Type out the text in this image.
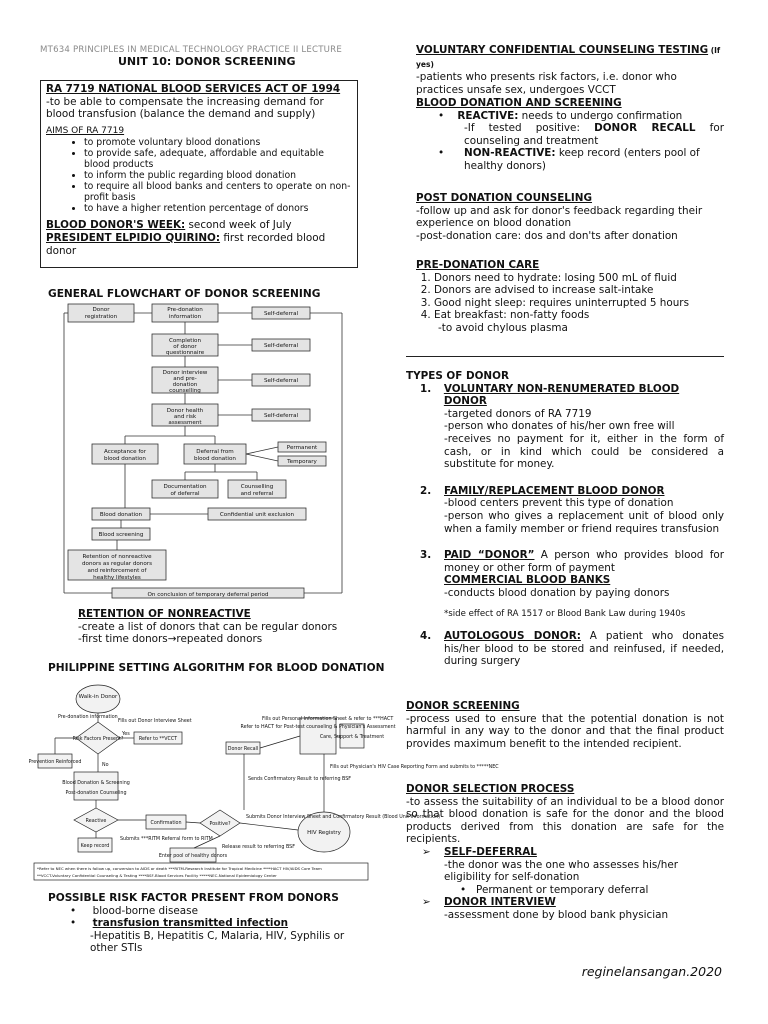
MT634 PRINCIPLES IN MEDICAL TECHNOLOGY PRACTICE II LECTURE
UNIT 10: DONOR SCREENING
RA 7719 NATIONAL BLOOD SERVICES ACT OF 1994
-to be able to compensate the increasing demand for blood transfusion (balance the demand and supply)
AIMS OF RA 7719
• to promote voluntary blood donations
• to provide safe, adequate, affordable and equitable blood products
• to inform the public regarding blood donation
• to require all blood banks and centers to operate on non-profit basis
• to have a higher retention percentage of donors
BLOOD DONOR'S WEEK: second week of July
PRESIDENT ELPIDIO QUIRINO: first recorded blood donor
GENERAL FLOWCHART OF DONOR SCREENING
Donor
registration
Pre-donation
information	Self-deferral
Completion
of donor
questionnaire
Self-deferral
Donor interview
and pre-
donation
counselling
Self-deferral
Donor health
and risk
assessment
Self-deferral
Acceptance for
blood donation
Deferral from
blood donation
Permanent
Temporary
Documentation
of deferral
Counselling
and referral
Blood donation	Confidential unit exclusion
Blood screening
Retention of nonreactive
donors as regular donors
and reinforcement of
healthy lifestyles
On conclusion of temporary deferral period
RETENTION OF NONREACTIVE
-create a list of donors that can be regular donors
-first time donors→repeated donors
PHILIPPINE SETTING ALGORITHM FOR BLOOD DONATION
Walk-in Donor
Pre-donation information
Fills out Donor Interview Sheet
Risk Factors Present?
Yes
Refer to **VCCT
Prevention Reinforced
No
Blood Donation & Screening
Post-donation Counseling
Reactive	Confirmation	Positive?
Keep record
Enter pool of healthy donors
Submits ***RITM Referral form to RITM
Donor Recall
Fills out Personal Information Sheet & refer to ***HACT
Refer to HACT for Post-test counseling & Physician's Assessment
Care, Support & Treatment
Fills out Physician's HIV Case Reporting Form and submits to *****NEC
Sends Confirmatory Result to referring BSF
Submits Donor Interview Sheet and Confirmatory Result (Blood Unit Information)
Release result to referring BSF
HIV Registry
*Refer to NEC when there is follow up, conversion to AIDS or death ***RITM-Research Institute for Tropical Medicine ****HACT HIV/AIDS Core Team
**VCCT-Voluntary Confidential Counseling & Testing ****BSF-Blood Services Facility *****NEC-National Epidemiology Center
POSSIBLE RISK FACTOR PRESENT FROM DONORS
•     blood-borne disease
•     transfusion transmitted infection
-Hepatitis B, Hepatitis C, Malaria, HIV, Syphilis or other STIs
VOLUNTARY CONFIDENTIAL COUNSELING TESTING (If yes)
-patients who presents risk factors, i.e. donor who practices unsafe sex, undergoes VCCT
BLOOD DONATION AND SCREENING
•    REACTIVE: needs to undergo confirmation
-If tested positive: DONOR RECALL for counseling and treatment
•	NON-REACTIVE: keep record (enters pool of healthy donors)
POST DONATION COUNSELING
-follow up and ask for donor's feedback regarding their experience on blood donation
-post-donation care: dos and don'ts after donation
PRE-DONATION CARE
1. Donors need to hydrate: losing 500 mL of fluid
2. Donors are advised to increase salt-intake
3. Good night sleep: requires uninterrupted 5 hours
4. Eat breakfast: non-fatty foods
-to avoid chylous plasma
TYPES OF DONOR
1.	VOLUNTARY NON-RENUMERATED BLOOD DONOR
-targeted donors of RA 7719
-person who donates of his/her own free will
-receives no payment for it, either in the form of cash, or in kind which could be considered a substitute for money.
2.	FAMILY/REPLACEMENT BLOOD DONOR
-blood centers prevent this type of donation
-person who gives a replacement unit of blood only when a family member or friend requires transfusion
3.	PAID “DONOR” A person who provides blood for money or other form of payment
COMMERCIAL BLOOD BANKS
-conducts blood donation by paying donors
*side effect of RA 1517 or Blood Bank Law during 1940s
4.	AUTOLOGOUS DONOR: A patient who donates his/her blood to be stored and reinfused, if needed, during surgery
DONOR SCREENING
-process used to ensure that the potential donation is not harmful in any way to the donor and that the final product provides maximum benefit to the intended recipient.
DONOR SELECTION PROCESS
-to assess the suitability of an individual to be a blood donor so that blood donation is safe for the donor and the blood products derived from this donation are safe for the recipients.
➢	SELF-DEFERRAL
-the donor was the one who assesses his/her eligibility for self-donation
•   Permanent or temporary deferral
➢	DONOR INTERVIEW
-assessment done by blood bank physician
reginelansangan.2020
